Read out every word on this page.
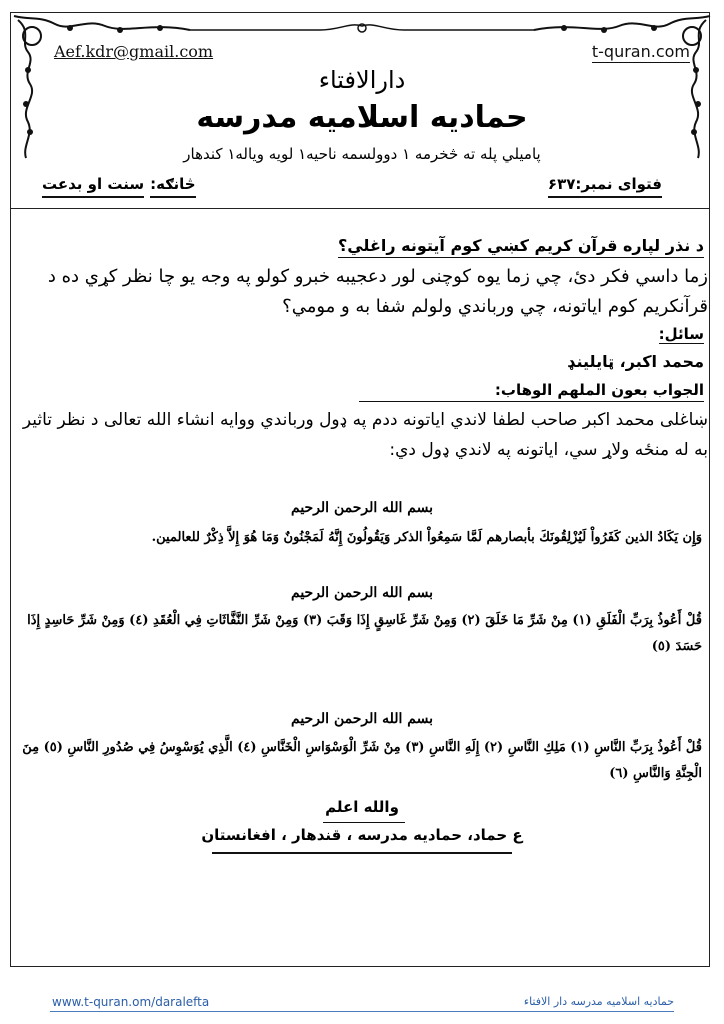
Aef.kdr@gmail.com	t-quran.com
دارالافتاء
حمادیه اسلامیه مدرسه
پاميلي پله ته څخرمه ۱ دوولسمه ناحيه۱ لويه وياله۱ کندهار
فتوای نمبر:۶۳۷
څانګه:
سنت او بدعت
د نذر لپاره قرآن کريم کښي کوم آيتونه راغلي؟
زما داسي فکر دئ، چي زما يوه کوچنی لور دعجيبه خبرو کولو په وجه يو چا نظر کړي ده د قرآنکريم کوم اياتونه، چي ورباندي ولولم شفا به و مومي؟
سائل:
محمد اکبر، ټايلينډ
الجواب بعون الملهم الوهاب:
ښاغلی محمد اکبر صاحب لطفا لاندي اياتونه ددم په ډول ورباندي ووايه انشاء الله تعالی د نظر تاثير به له منځه ولاړ سي، اياتونه په لاندي ډول دي:
بسم الله الرحمن الرحيم
وَإِن يَكَادُ الذين كَفَرُواْ لَيُزْلِقُونَكَ بأبصارهم لَمَّا سَمِعُواْ الذكر وَيَقُولُونَ إِنَّهُ لَمَجْنُونٌ وَمَا هُوَ إِلاَّ ذِكْرٌ للعالمين.
بسم الله الرحمن الرحيم
قُلْ أَعُوذُ بِرَبِّ الْفَلَقِ (١) مِنْ شَرِّ مَا خَلَقَ (٢) وَمِنْ شَرِّ غَاسِقٍ إِذَا وَقَبَ (٣) وَمِنْ شَرِّ النَّفَّاثَاتِ فِي الْعُقَدِ (٤) وَمِنْ شَرِّ حَاسِدٍ إِذَا حَسَدَ (٥)
بسم الله الرحمن الرحيم
قُلْ أَعُوذُ بِرَبِّ النَّاسِ (١) مَلِكِ النَّاسِ (٢) إِلَهِ النَّاسِ (٣) مِنْ شَرِّ الْوَسْوَاسِ الْخَنَّاسِ (٤) الَّذِي يُوَسْوِسُ فِي صُدُورِ النَّاسِ (٥) مِنَ الْجِنَّةِ وَالنَّاسِ (٦)
والله اعلم
ع حماد، حماديه مدرسه ، قندهار ، افغانستان
www.t-quran.om/daralefta	حمادیه اسلامیه مدرسه دار الافتاء
